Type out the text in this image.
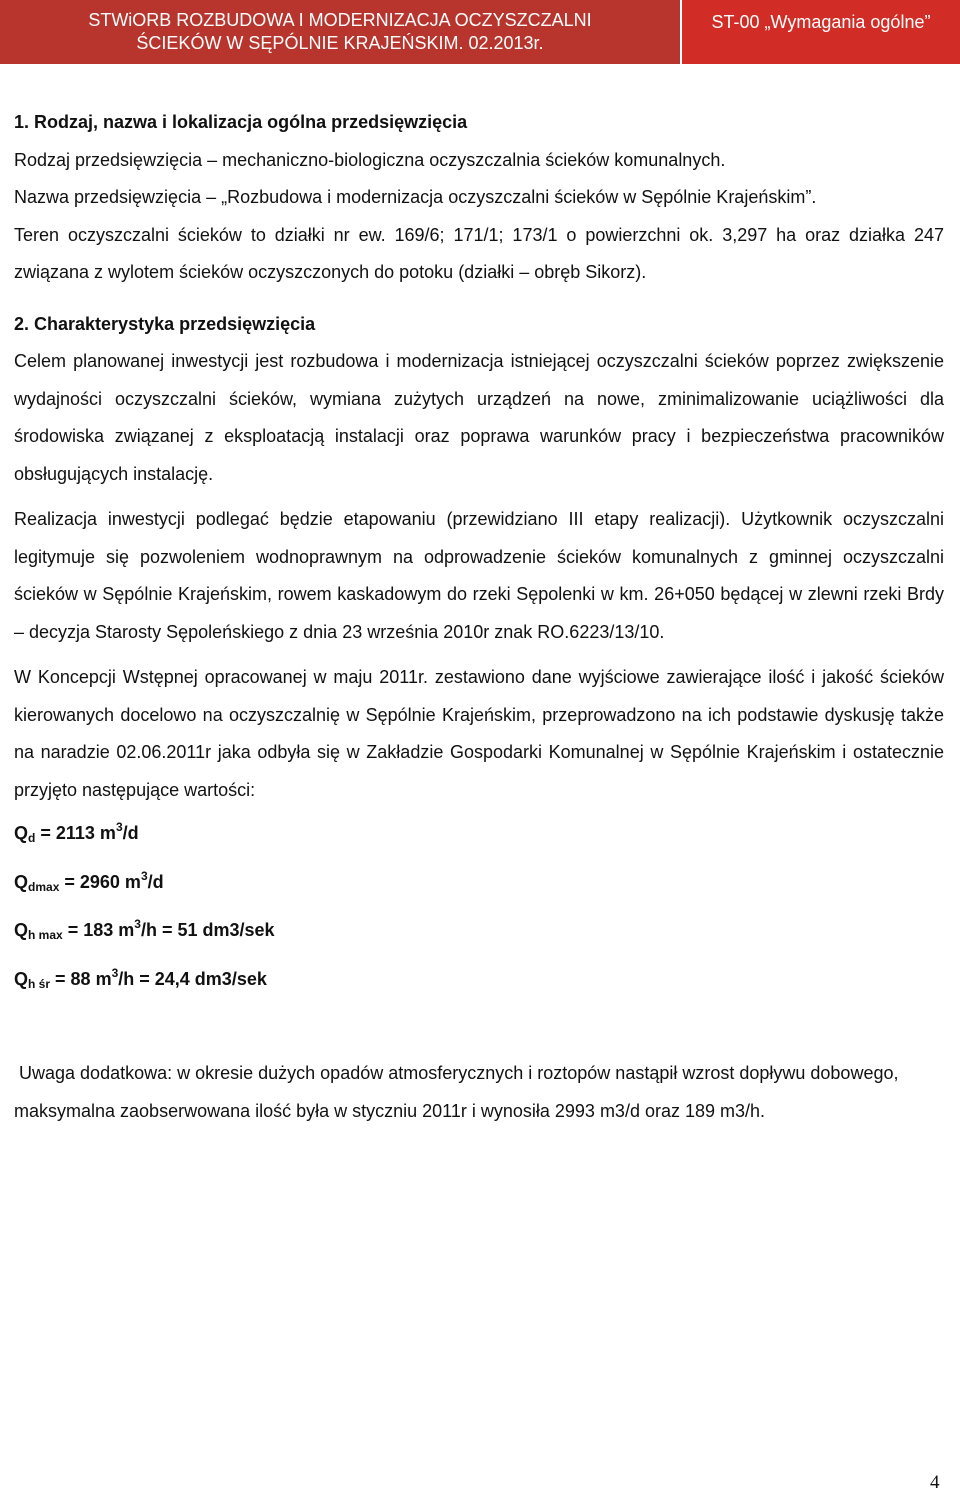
STWiORB ROZBUDOWA I MODERNIZACJA OCZYSZCZALNI
ŚCIEKÓW W SĘPÓLNIE KRAJEŃSKIM. 02.2013r.
ST-00 „Wymagania ogólne”

1. Rodzaj, nazwa i lokalizacja ogólna przedsięwzięcia

Rodzaj przedsięwzięcia – mechaniczno-biologiczna oczyszczalnia ścieków komunalnych.

Nazwa przedsięwzięcia – „Rozbudowa i modernizacja oczyszczalni ścieków w Sępólnie Krajeńskim”.

Teren oczyszczalni ścieków to działki nr ew. 169/6; 171/1; 173/1 o powierzchni ok. 3,297 ha oraz działka 247 związana z wylotem ścieków oczyszczonych do potoku (działki – obręb Sikorz).

2. Charakterystyka przedsięwzięcia

Celem planowanej inwestycji jest rozbudowa i modernizacja istniejącej oczyszczalni ścieków poprzez zwiększenie wydajności oczyszczalni ścieków, wymiana zużytych urządzeń na nowe, zminimalizowanie uciążliwości dla środowiska związanej z eksploatacją instalacji oraz poprawa warunków pracy i bezpieczeństwa pracowników obsługujących instalację.

Realizacja inwestycji podlegać będzie etapowaniu (przewidziano III etapy realizacji). Użytkownik oczyszczalni legitymuje się pozwoleniem wodnoprawnym na odprowadzenie ścieków komunalnych z gminnej oczyszczalni ścieków w Sępólnie Krajeńskim, rowem kaskadowym do rzeki Sępolenki w km. 26+050 będącej w zlewni rzeki Brdy – decyzja Starosty Sępoleńskiego z dnia 23 września 2010r znak RO.6223/13/10.

W Koncepcji Wstępnej opracowanej w maju 2011r. zestawiono dane wyjściowe zawierające ilość i jakość ścieków kierowanych docelowo na oczyszczalnię w Sępólnie Krajeńskim, przeprowadzono na ich podstawie dyskusję także na naradzie 02.06.2011r jaka odbyła się w Zakładzie Gospodarki Komunalnej w Sępólnie Krajeńskim i ostatecznie przyjęto następujące wartości:

$Q_d = 2113$ $m^3/d$

$Q_{dmax} = 2960$ $m^3/d$

$Q_{h max} = 183$ $m^3/h = 51$ dm3/sek

$Q_{h śr} = 88$ $m^3/h = 24,4$ dm3/sek

Uwaga dodatkowa: w okresie dużych opadów atmosferycznych i roztopów nastąpił wzrost dopływu dobowego, maksymalna zaobserwowana ilość była w styczniu 2011r i wynosiła 2993 m3/d oraz 189 m3/h.

4
